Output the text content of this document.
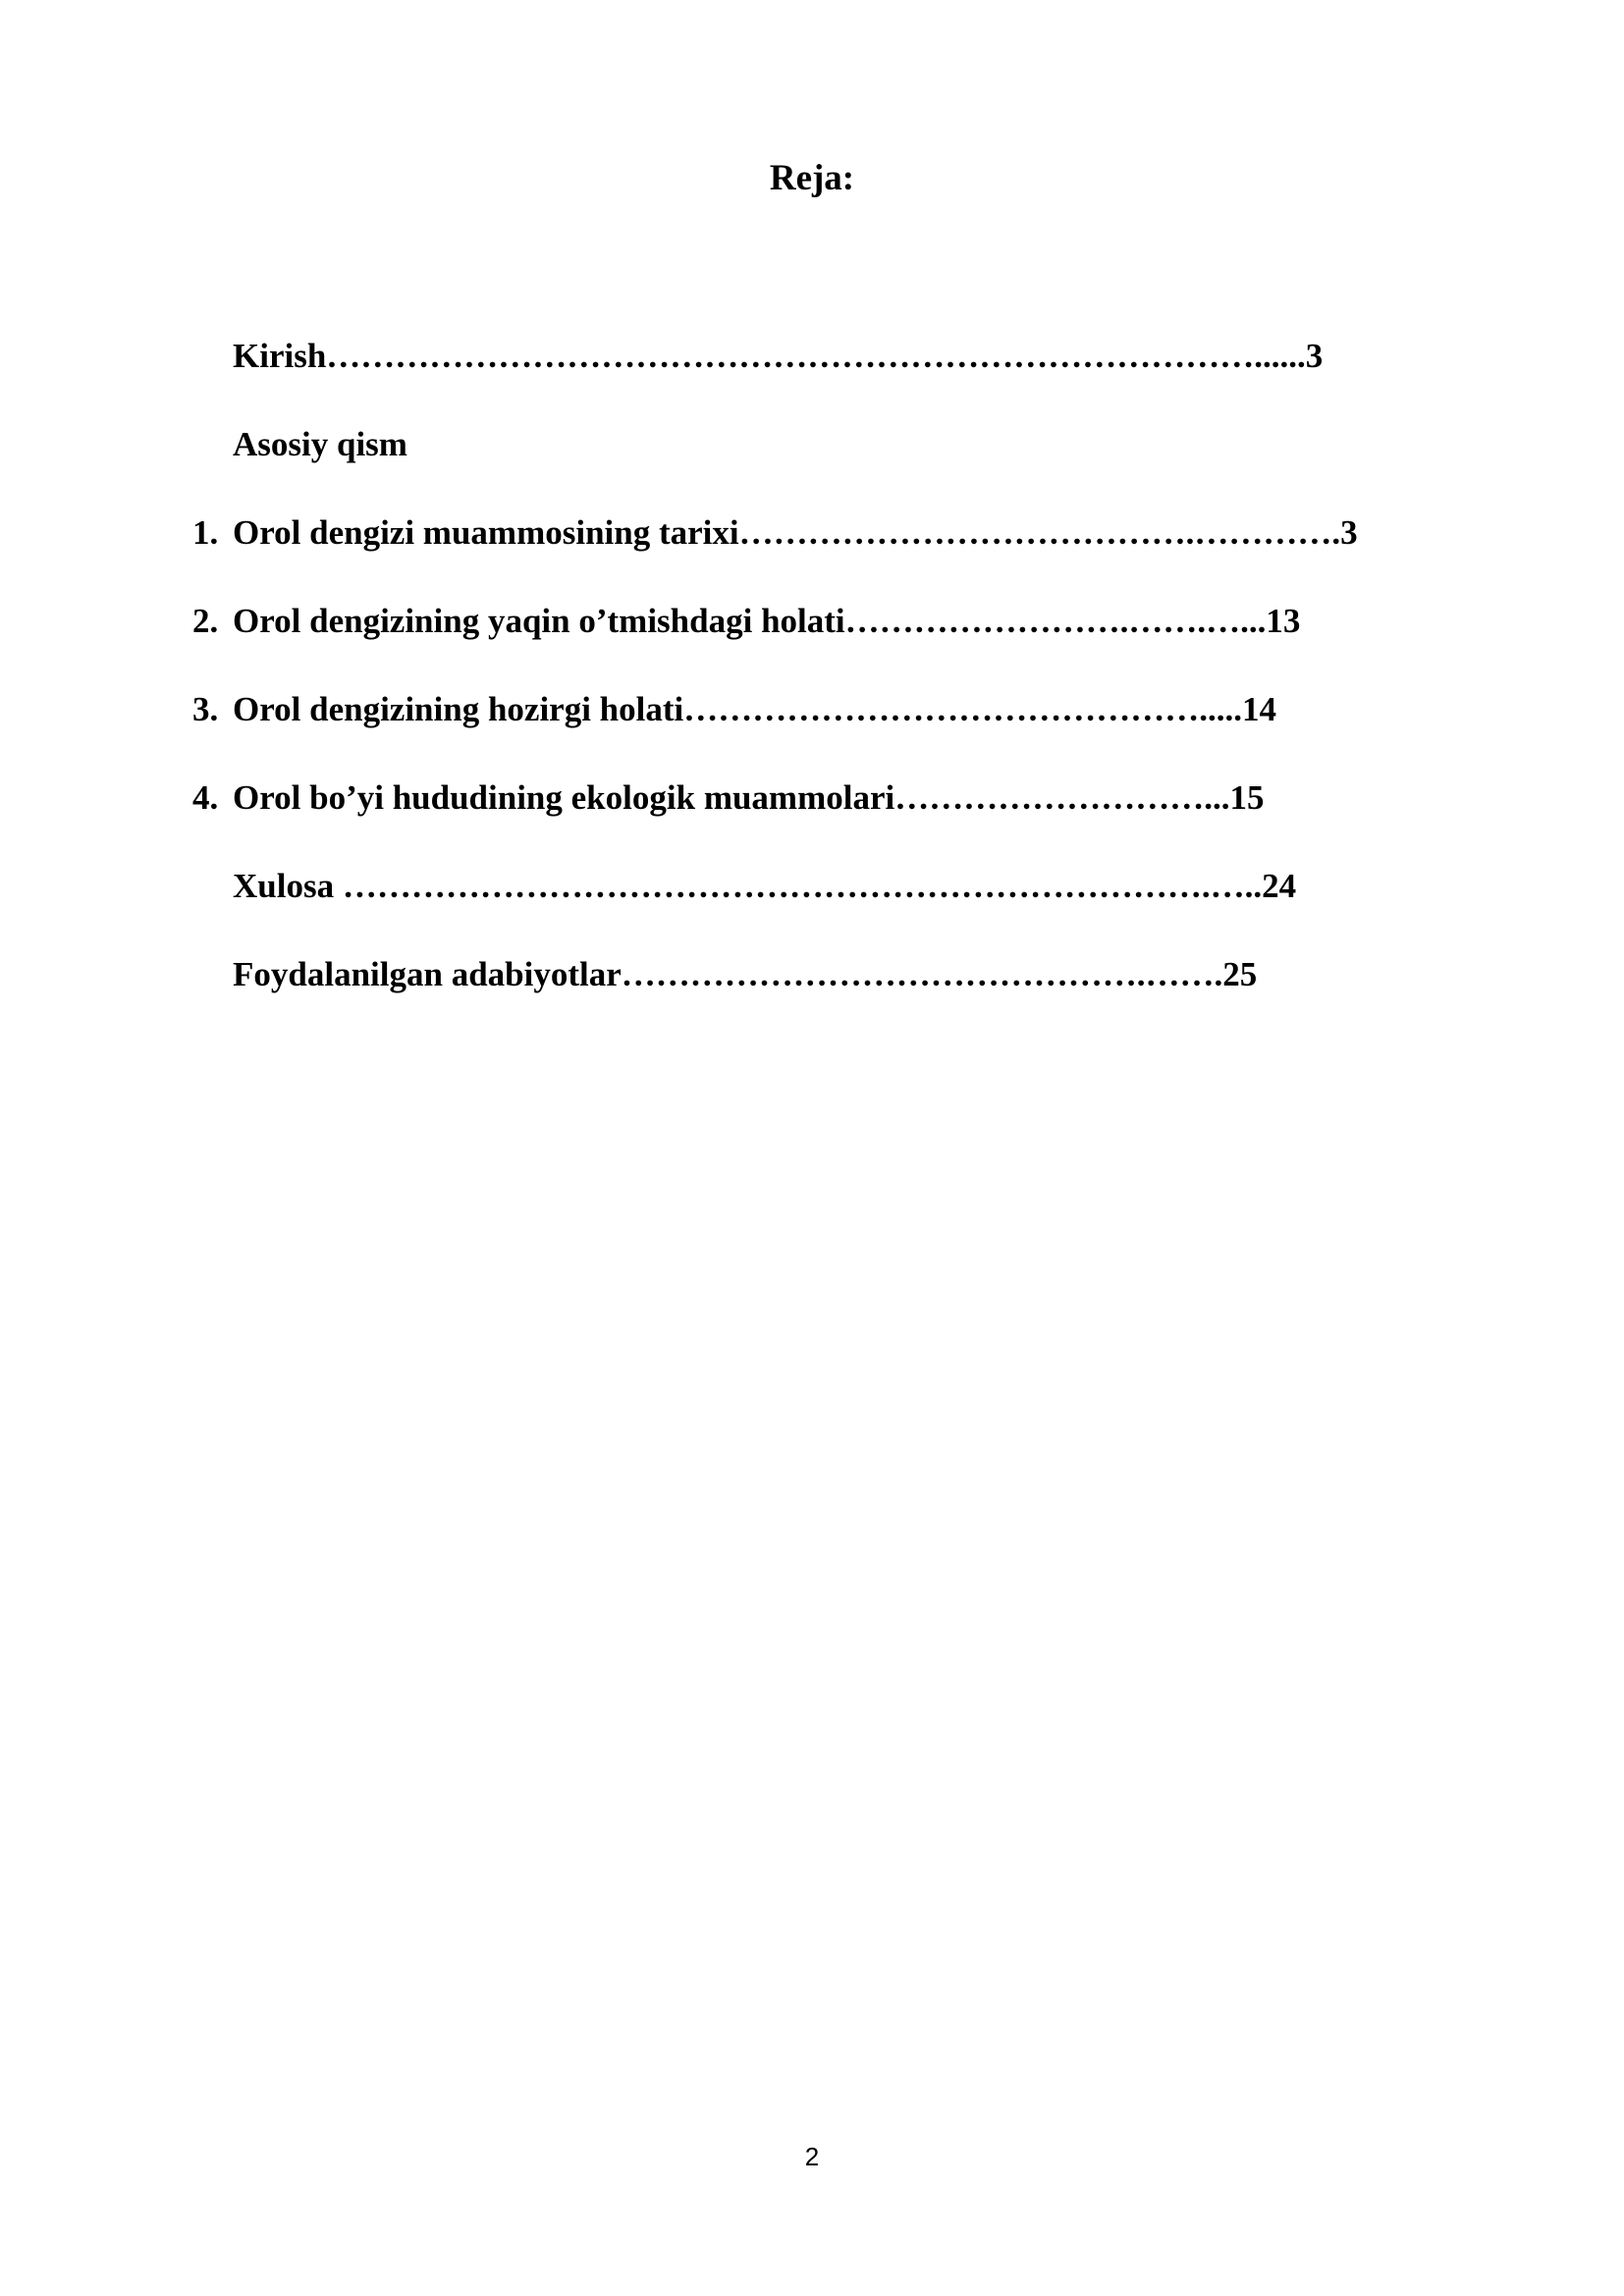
Reja:
Kirish………………………………………………………………………......3
Asosiy qism
1. Orol dengizi muammosining tarixi………………………………….………….3
2. Orol dengizining yaqin o’tmishdagi holati…………………….…….…...13
3. Orol dengizining hozirgi holati……………………………………….....14
4. Orol bo’yi hududining ekologik muammolari………………………...15
Xulosa ………………………………………………………………….…..24
Foydalanilgan adabiyotlar……………………………………….…….25
2
